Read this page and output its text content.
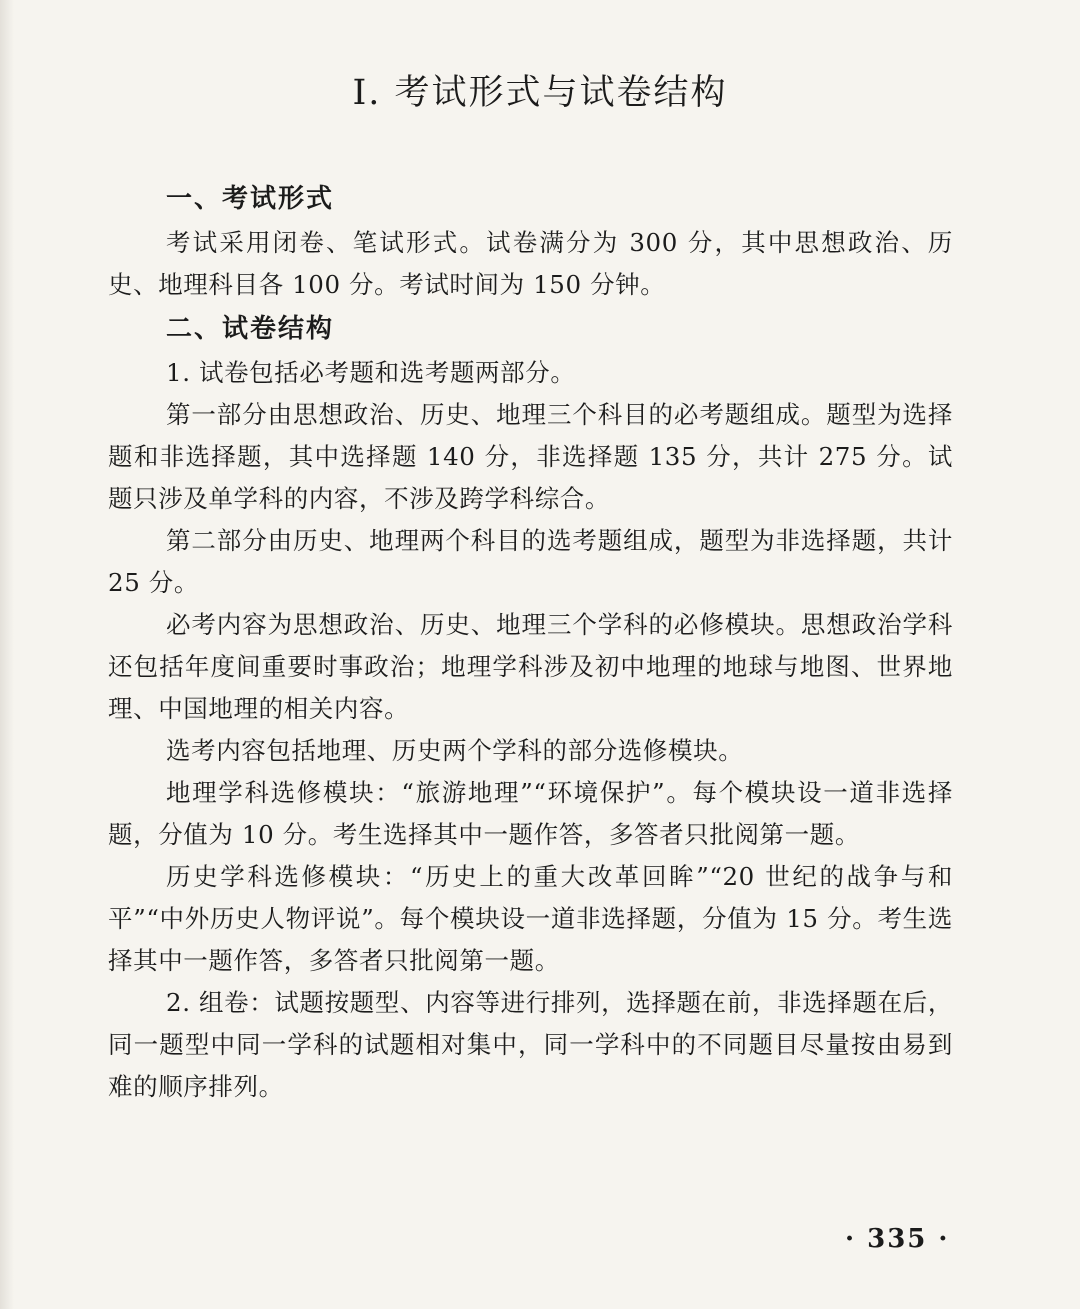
Ⅰ. 考试形式与试卷结构
一、考试形式

考试采用闭卷、笔试形式。试卷满分为 300 分，其中思想政治、历史、地理科目各 100 分。考试时间为 150 分钟。

二、试卷结构

1. 试卷包括必考题和选考题两部分。

第一部分由思想政治、历史、地理三个科目的必考题组成。题型为选择题和非选择题，其中选择题 140 分，非选择题 135 分，共计 275 分。试题只涉及单学科的内容，不涉及跨学科综合。

第二部分由历史、地理两个科目的选考题组成，题型为非选择题，共计 25 分。

必考内容为思想政治、历史、地理三个学科的必修模块。思想政治学科还包括年度间重要时事政治；地理学科涉及初中地理的地球与地图、世界地理、中国地理的相关内容。

选考内容包括地理、历史两个学科的部分选修模块。

地理学科选修模块：“旅游地理”“环境保护”。每个模块设一道非选择题，分值为 10 分。考生选择其中一题作答，多答者只批阅第一题。

历史学科选修模块：“历史上的重大改革回眸”“20 世纪的战争与和平”“中外历史人物评说”。每个模块设一道非选择题，分值为 15 分。考生选择其中一题作答，多答者只批阅第一题。

2. 组卷：试题按题型、内容等进行排列，选择题在前，非选择题在后，同一题型中同一学科的试题相对集中，同一学科中的不同题目尽量按由易到难的顺序排列。

· 335 ·
